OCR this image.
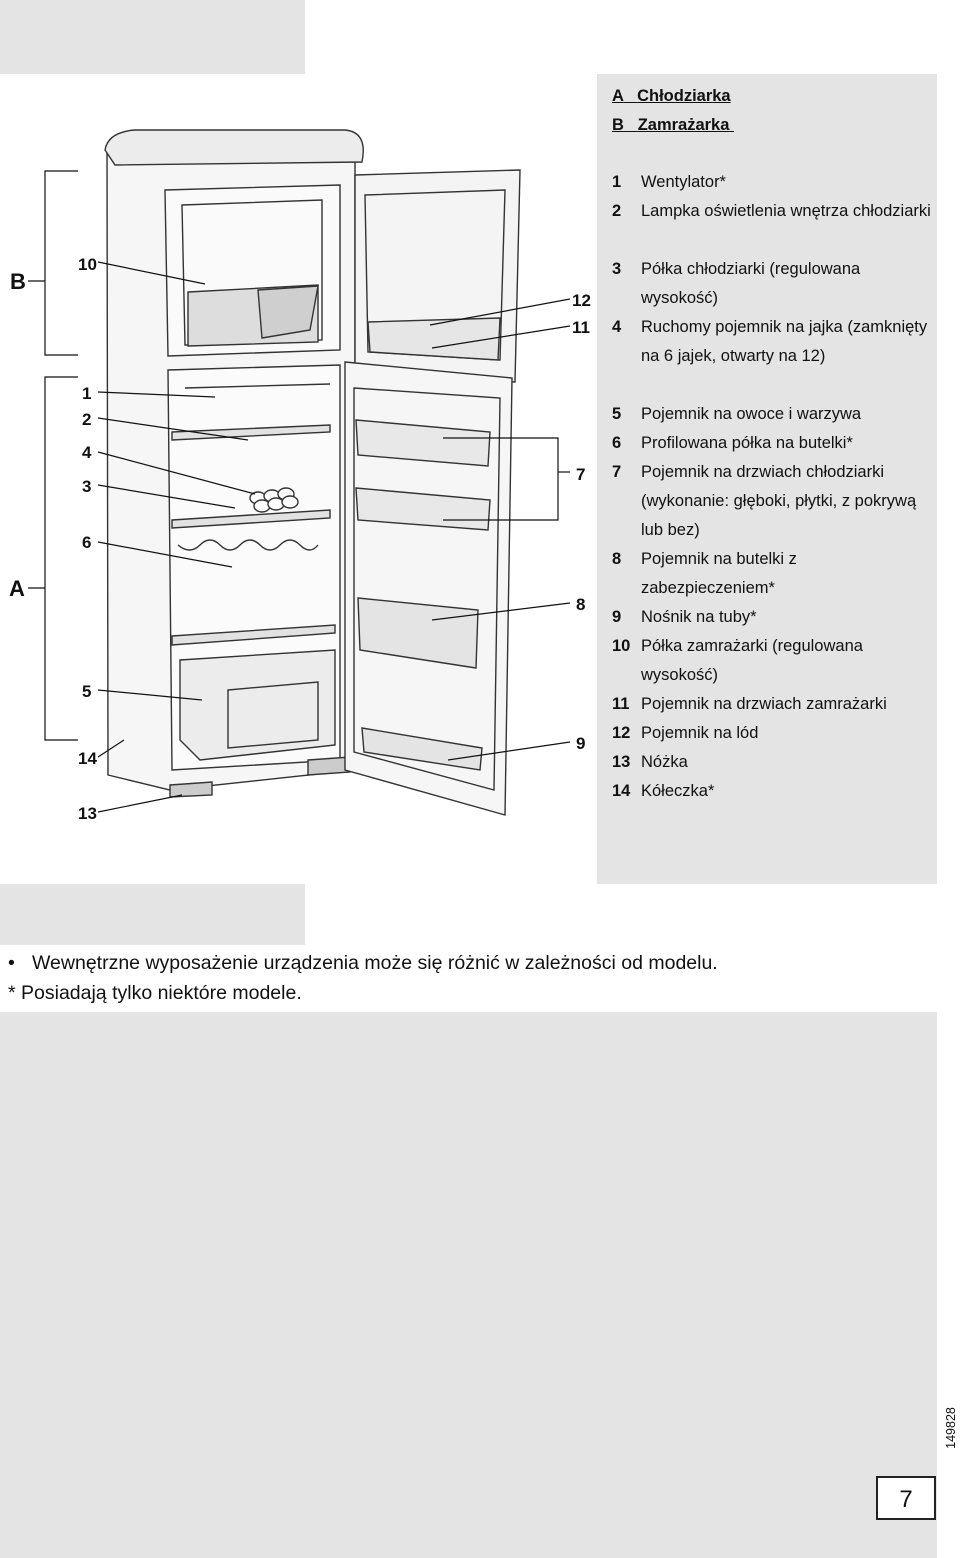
B
A
10
1
2
4
3
6
5
14
13
12
11
7
8
9
A Chłodziarka
B Zamrażarka
1	Wentylator*
2	Lampka oświetlenia wnętrza chłodziarki
3	Półka chłodziarki (regulowana wysokość)
4	Ruchomy pojemnik na jajka (zamknięty na 6 jajek, otwarty na 12)
5	Pojemnik na owoce i warzywa
6	Profilowana półka na butelki*
7	Pojemnik na drzwiach chłodziarki (wykonanie: głęboki, płytki, z pokrywą lub bez)
8	Pojemnik na butelki z zabezpieczeniem*
9	Nośnik na tuby*
10 Półka zamrażarki (regulowana wysokość)
11 Pojemnik na drzwiach zamrażarki
12 Pojemnik na lód
13 Nóżka
14 Kółeczka*
• Wewnętrzne wyposażenie urządzenia może się różnić w zależności od modelu.
* Posiadają tylko niektóre modele.
149828
7
